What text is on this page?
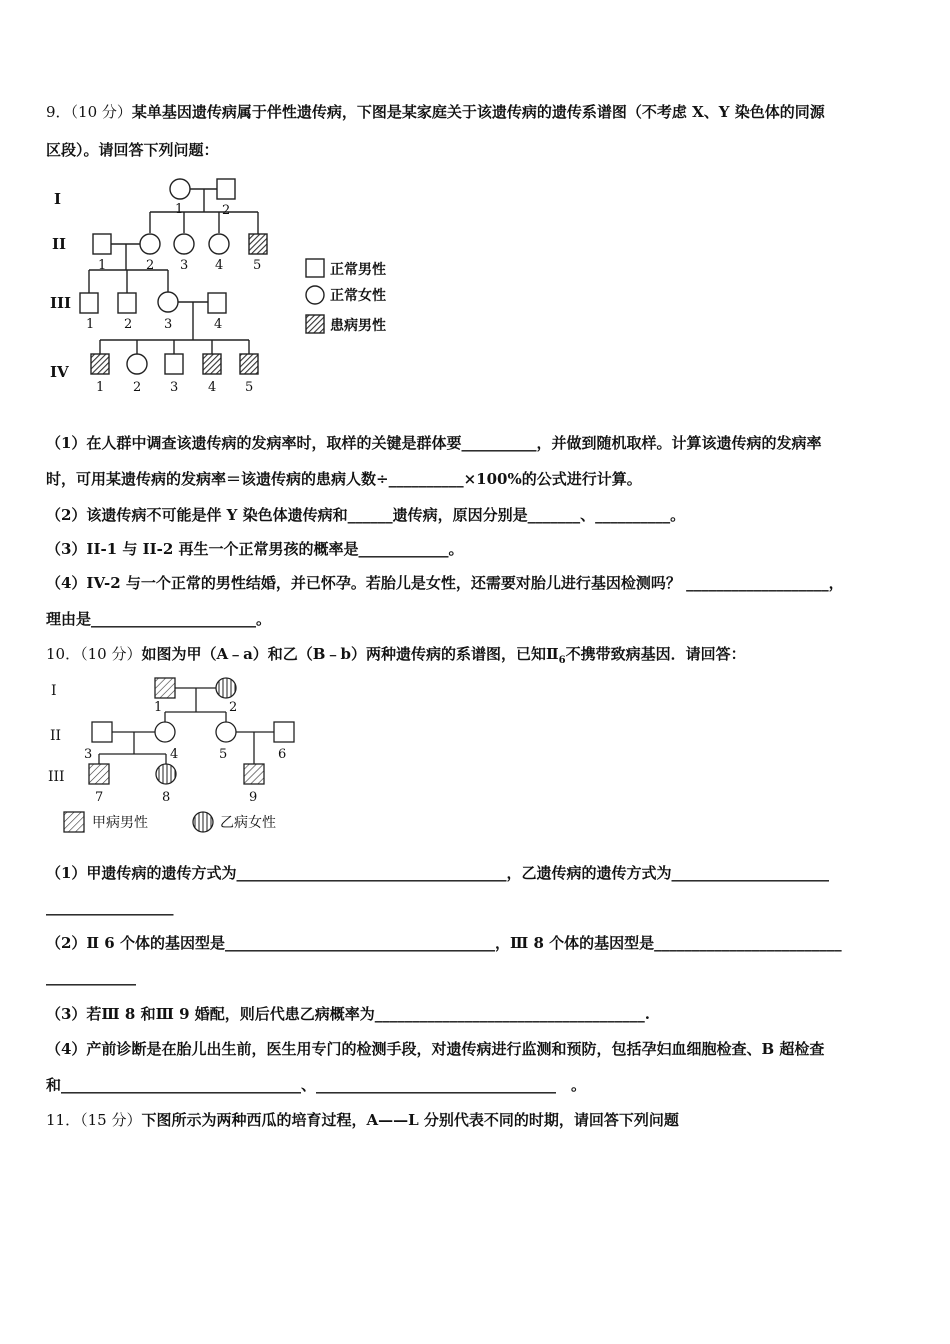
9．（10 分）某单基因遗传病属于伴性遗传病，下图是某家庭关于该遗传病的遗传系谱图（不考虑 X、Y 染色体的同源
区段）。请回答下列问题：
I
II
III
IV
1	2
1	2 3 4 5
1 2 3	4
1 2 3 4 5
正常男性
正常女性
患病男性
（1）在人群中调查该遗传病的发病率时，取样的关键是群体要__________，并做到随机取样。计算该遗传病的发病率
时，可用某遗传病的发病率＝该遗传病的患病人数÷__________×100%的公式进行计算。
（2）该遗传病不可能是伴 Y 染色体遗传病和______遗传病，原因分别是_______、__________。
（3）II-1 与 II-2 再生一个正常男孩的概率是____________。
（4）IV-2 与一个正常的男性结婚，并已怀孕。若胎儿是女性，还需要对胎儿进行基因检测吗？ ___________________，
理由是______________________。
10．（10 分）如图为甲（A﹣a）和乙（B﹣b）两种遗传病的系谱图，已知$Ⅱ_6$不携带致病基因．请回答：
I
II
III
1	2
3	4	5	6
7	8	9
甲病男性	乙病女性
（1）甲遗传病的遗传方式为____________________________________，乙遗传病的遗传方式为_____________________
_________________
（2）Ⅱ 6 个体的基因型是____________________________________，Ⅲ 8 个体的基因型是_________________________
____________
（3）若Ⅲ 8 和Ⅲ 9 婚配，则后代患乙病概率为____________________________________.
（4）产前诊断是在胎儿出生前，医生用专门的检测手段，对遗传病进行监测和预防，包括孕妇血细胞检查、B 超检查
和________________________________、________________________________　。
11．（15 分）下图所示为两种西瓜的培育过程，A——L 分别代表不同的时期，请回答下列问题
